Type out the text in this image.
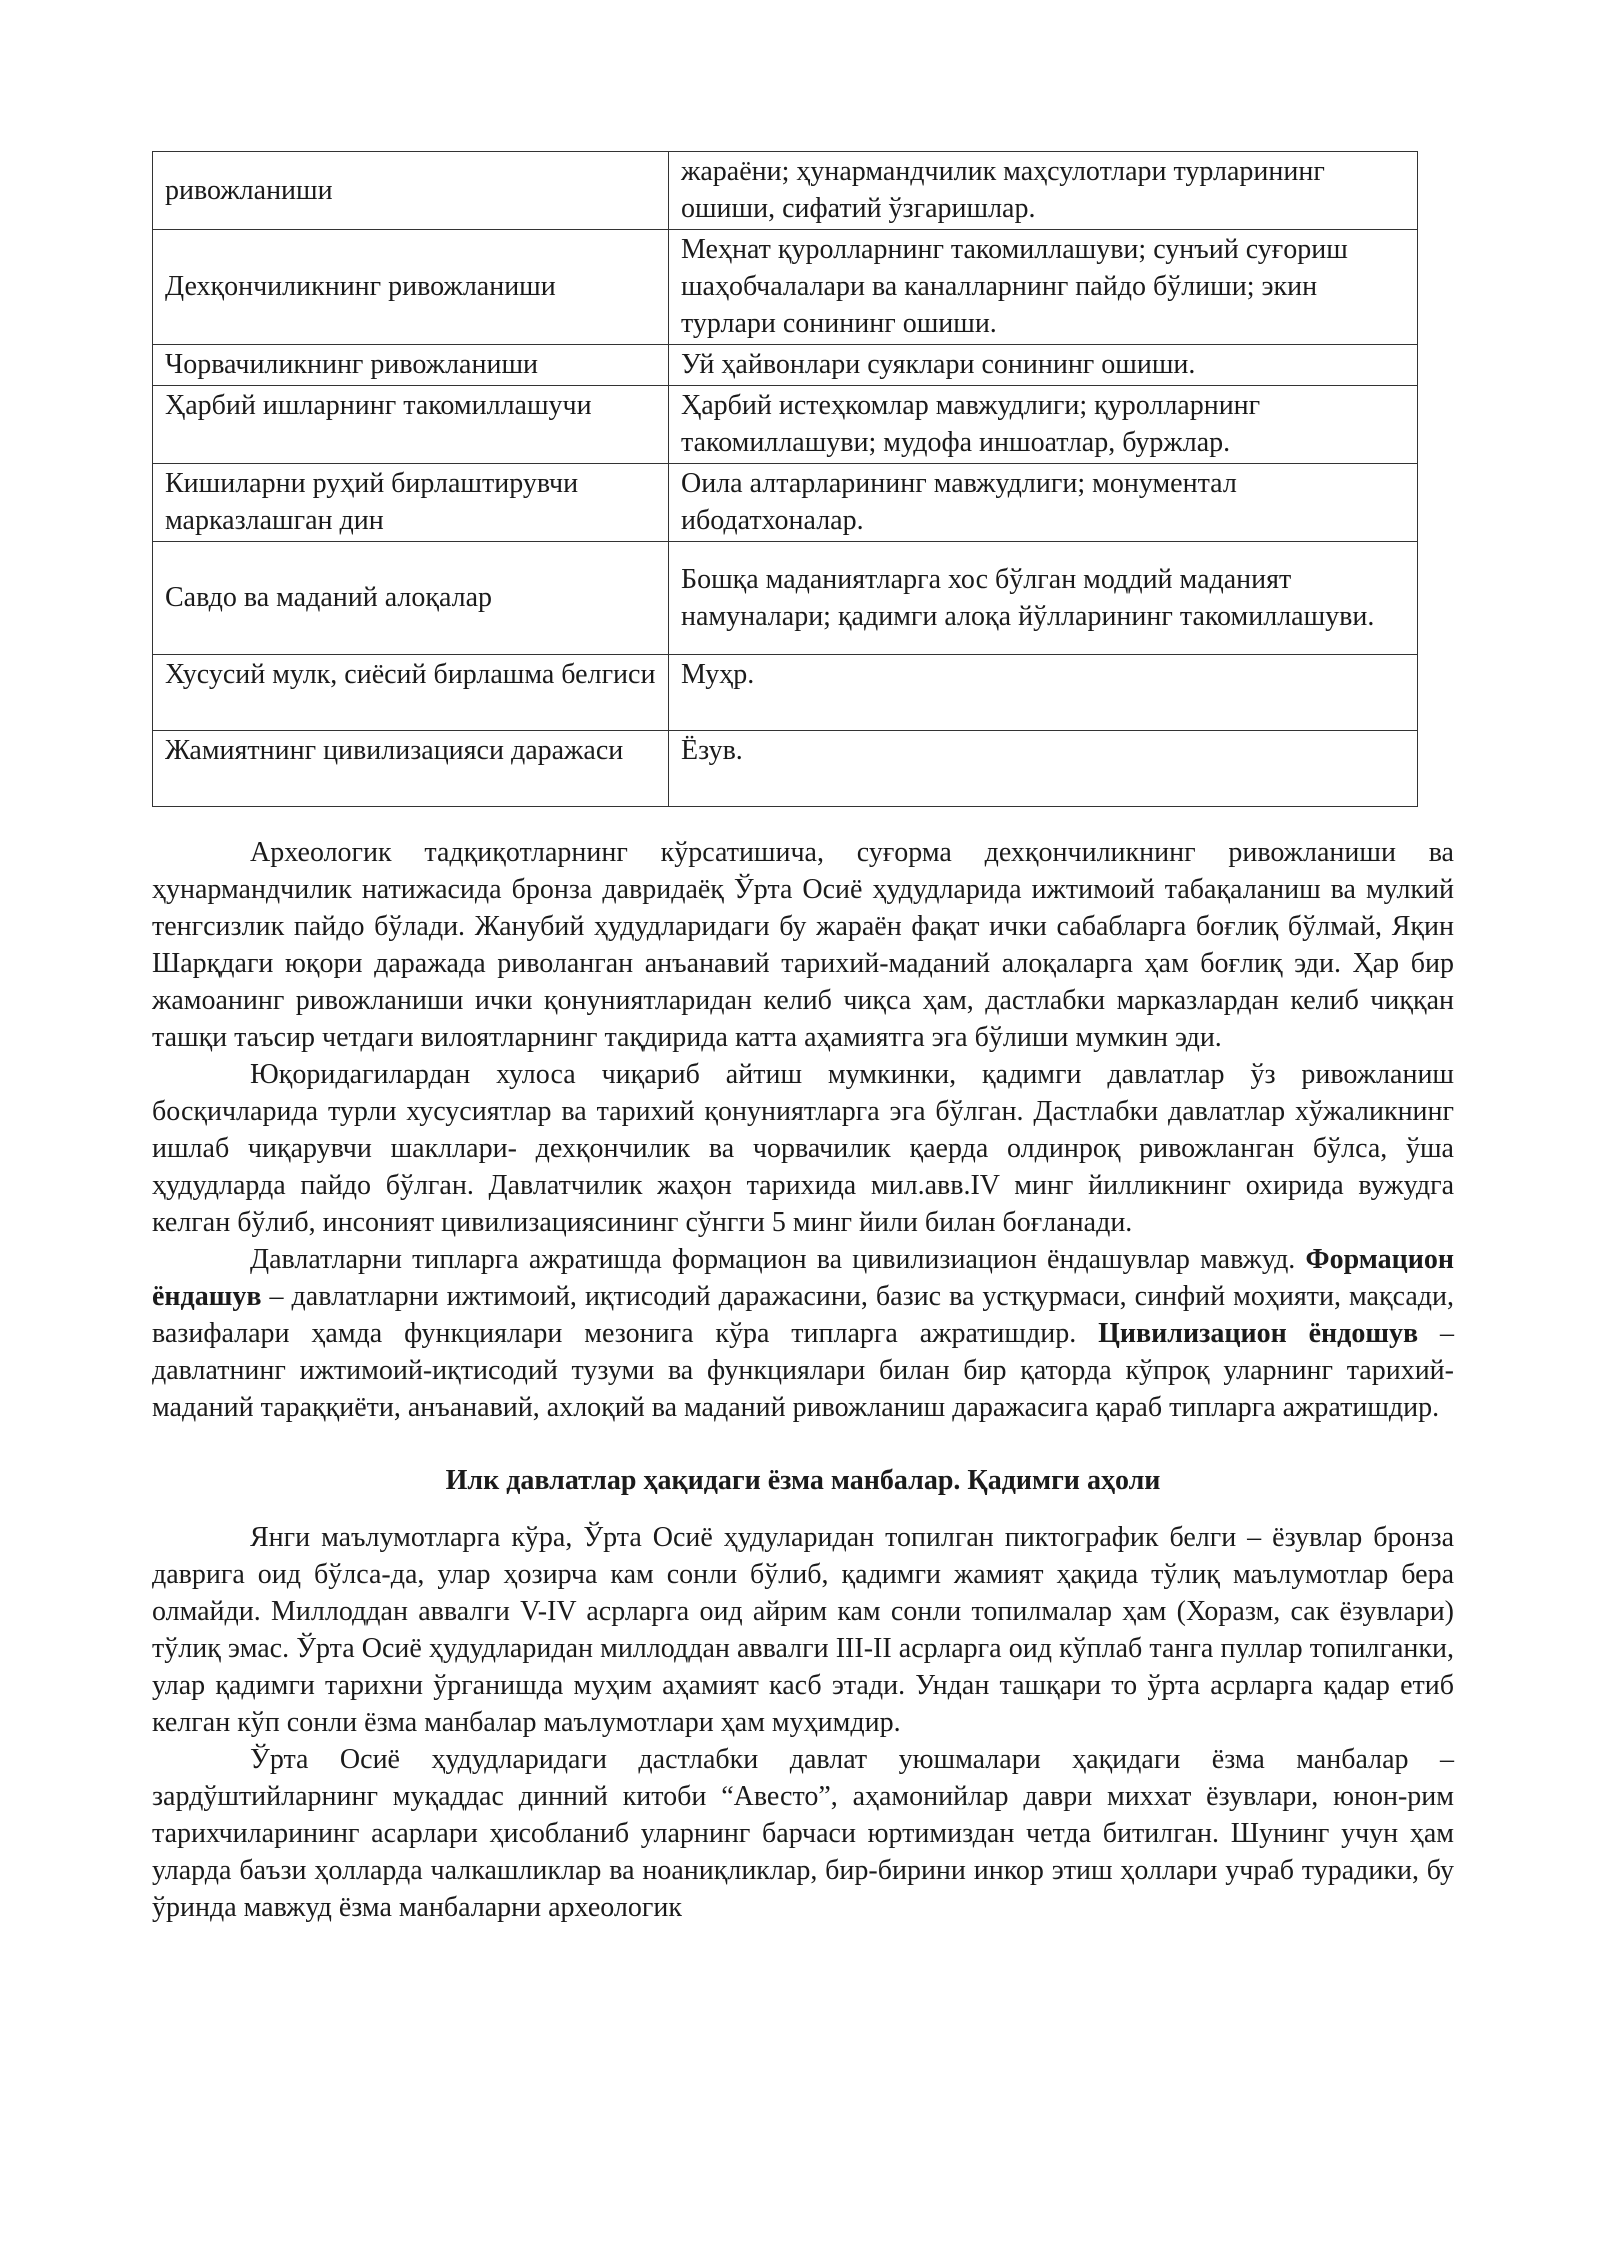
ривожланиши	жараёни; ҳунармандчилик маҳсулотлари турларининг ошиши, сифатий ўзгаришлар.
Дехқончиликнинг ривожланиши	Меҳнат қуролларнинг такомиллашуви; сунъий суғориш шаҳобчалалари ва каналларнинг пайдо бўлиши; экин турлари сонининг ошиши.
Чорвачиликнинг ривожланиши	Уй ҳайвонлари суяклари сонининг ошиши.
Ҳарбий ишларнинг такомиллашучи	Ҳарбий истеҳкомлар мавжудлиги; қуролларнинг такомиллашуви; мудофа иншоатлар, буржлар.
Кишиларни руҳий бирлаштирувчи марказлашган дин	Оила алтарларининг мавжудлиги; монументал ибодатхоналар.
Савдо ва маданий алоқалар	Бошқа маданиятларга хос бўлган моддий маданият намуналари; қадимги алоқа йўлларининг такомиллашуви.
Хусусий мулк, сиёсий бирлашма белгиси	Муҳр.
Жамиятнинг цивилизацияси даражаси	Ёзув.

Археологик тадқиқотларнинг кўрсатишича, суғорма дехқончиликнинг ривожланиши ва ҳунармандчилик натижасида бронза давридаёқ Ўрта Осиё ҳудудларида ижтимоий табақаланиш ва мулкий тенгсизлик пайдо бўлади. Жанубий ҳудудларидаги бу жараён фақат ички сабабларга боғлиқ бўлмай, Яқин Шарқдаги юқори даражада риволанган анъанавий тарихий-маданий алоқаларга ҳам боғлиқ эди. Ҳар бир жамоанинг ривожланиши ички қонуниятларидан келиб чиқса ҳам, дастлабки марказлардан келиб чиққан ташқи таъсир четдаги вилоятларнинг тақдирида катта аҳамиятга эга бўлиши мумкин эди.

Юқоридагилардан хулоса чиқариб айтиш мумкинки, қадимги давлатлар ўз ривожланиш босқичларида турли хусусиятлар ва тарихий қонуниятларга эга бўлган. Дастлабки давлатлар хўжаликнинг ишлаб чиқарувчи шакллари- дехқончилик ва чорвачилик қаерда олдинроқ ривожланган бўлса, ўша ҳудудларда пайдо бўлган. Давлатчилик жаҳон тарихида мил.авв.IV минг йилликнинг охирида вужудга келган бўлиб, инсоният цивилизациясининг сўнгги 5 минг йили билан боғланади.

Давлатларни типларга ажратишда формацион ва цивилизиацион ёндашувлар мавжуд. Формацион ёндашув – давлатларни ижтимоий, иқтисодий даражасини, базис ва устқурмаси, синфий моҳияти, мақсади, вазифалари ҳамда функциялари мезонига кўра типларга ажратишдир. Цивилизацион ёндошув – давлатнинг ижтимоий-иқтисодий тузуми ва функциялари билан бир қаторда кўпроқ уларнинг тарихий-маданий тараққиёти, анъанавий, ахлоқий ва маданий ривожланиш даражасига қараб типларга ажратишдир.

Илк давлатлар ҳақидаги ёзма манбалар. Қадимги аҳоли

Янги маълумотларга кўра, Ўрта Осиё ҳудуларидан топилган пиктографик белги – ёзувлар бронза даврига оид бўлса-да, улар ҳозирча кам сонли бўлиб, қадимги жамият ҳақида тўлиқ маълумотлар бера олмайди. Миллоддан аввалги V-IV асрларга оид айрим кам сонли топилмалар ҳам (Хоразм, сак ёзувлари) тўлиқ эмас. Ўрта Осиё ҳудудларидан миллоддан аввалги III-II асрларга оид кўплаб танга пуллар топилганки, улар қадимги тарихни ўрганишда муҳим аҳамият касб этади. Ундан ташқари то ўрта асрларга қадар етиб келган кўп сонли ёзма манбалар маълумотлари ҳам муҳимдир.

Ўрта Осиё ҳудудларидаги дастлабки давлат уюшмалари ҳақидаги ёзма манбалар – зардўштийларнинг муқаддас динний китоби “Авесто”, аҳамонийлар даври миххат ёзувлари, юнон-рим тарихчиларининг асарлари ҳисобланиб уларнинг барчаси юртимиздан четда битилган. Шунинг учун ҳам уларда баъзи ҳолларда чалкашликлар ва ноаниқликлар, бир-бирини инкор этиш ҳоллари учраб турадики, бу ўринда мавжуд ёзма манбаларни археологик
